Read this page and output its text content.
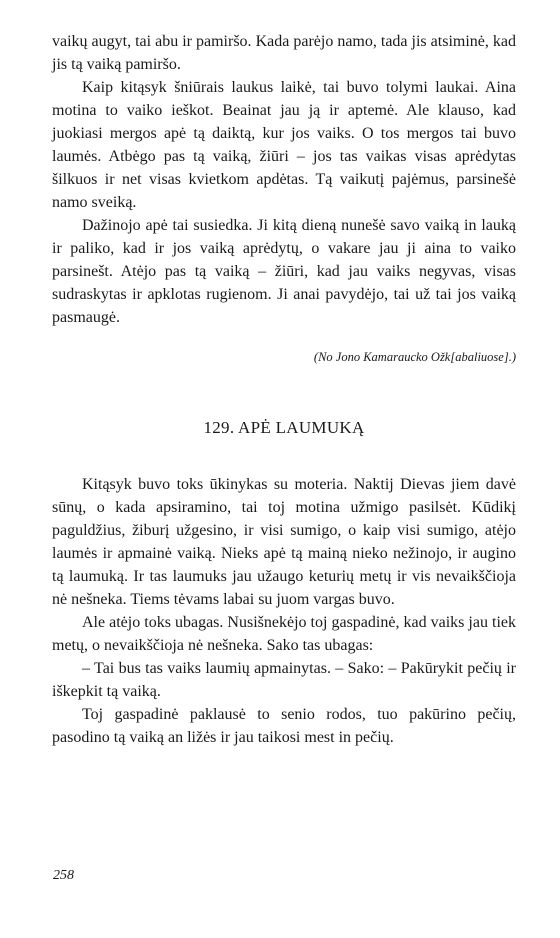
vaikų augyt, tai abu ir pamiršo. Kada parėjo namo, tada jis atsiminė, kad jis tą vaiką pamiršo.

Kaip kitąsyk šniūrais laukus laikė, tai buvo tolymi laukai. Aina motina to vaiko ieškot. Beainat jau ją ir aptemė. Ale klauso, kad juokiasi mergos apė tą daiktą, kur jos vaiks. O tos mergos tai buvo laumės. Atbėgo pas tą vaiką, žiūri – jos tas vaikas visas aprėdytas šilkuos ir net visas kvietkom apdėtas. Tą vaikutį pajėmus, parsinešė namo sveiką.

Dažinojo apė tai susiedka. Ji kitą dieną nunešė savo vaiką in lauką ir paliko, kad ir jos vaiką aprėdytų, o vakare jau ji aina to vaiko parsinešt. Atėjo pas tą vaiką – žiūri, kad jau vaiks negyvas, visas sudraskytas ir apklotas rugienom. Ji anai pavydėjo, tai už tai jos vaiką pasmaugė.

(No Jono Kamaraucko Ožk[abaliuose].)
129. APĖ LAUMUKĄ

Kitąsyk buvo toks ūkinykas su moteria. Naktij Dievas jiem davė sūnų, o kada apsiramino, tai toj motina užmigo pasilsėt. Kūdikį paguldžius, žiburį užgesino, ir visi sumigo, o kaip visi sumigo, atėjo laumės ir apmainė vaiką. Nieks apė tą mainą nieko nežinojo, ir augino tą laumuką. Ir tas laumuks jau užaugo keturių metų ir vis nevaikščioja nė nešneka. Tiems tėvams labai su juom vargas buvo.

Ale atėjo toks ubagas. Nusišnekėjo toj gaspadinė, kad vaiks jau tiek metų, o nevaikščioja nė nešneka. Sako tas ubagas:

– Tai bus tas vaiks laumių apmainytas. – Sako: – Pakūrykit pečių ir iškepkit tą vaiką.

Toj gaspadinė paklausė to senio rodos, tuo pakūrino pečių, pasodino tą vaiką an ližės ir jau taikosi mest in pečių.

258
